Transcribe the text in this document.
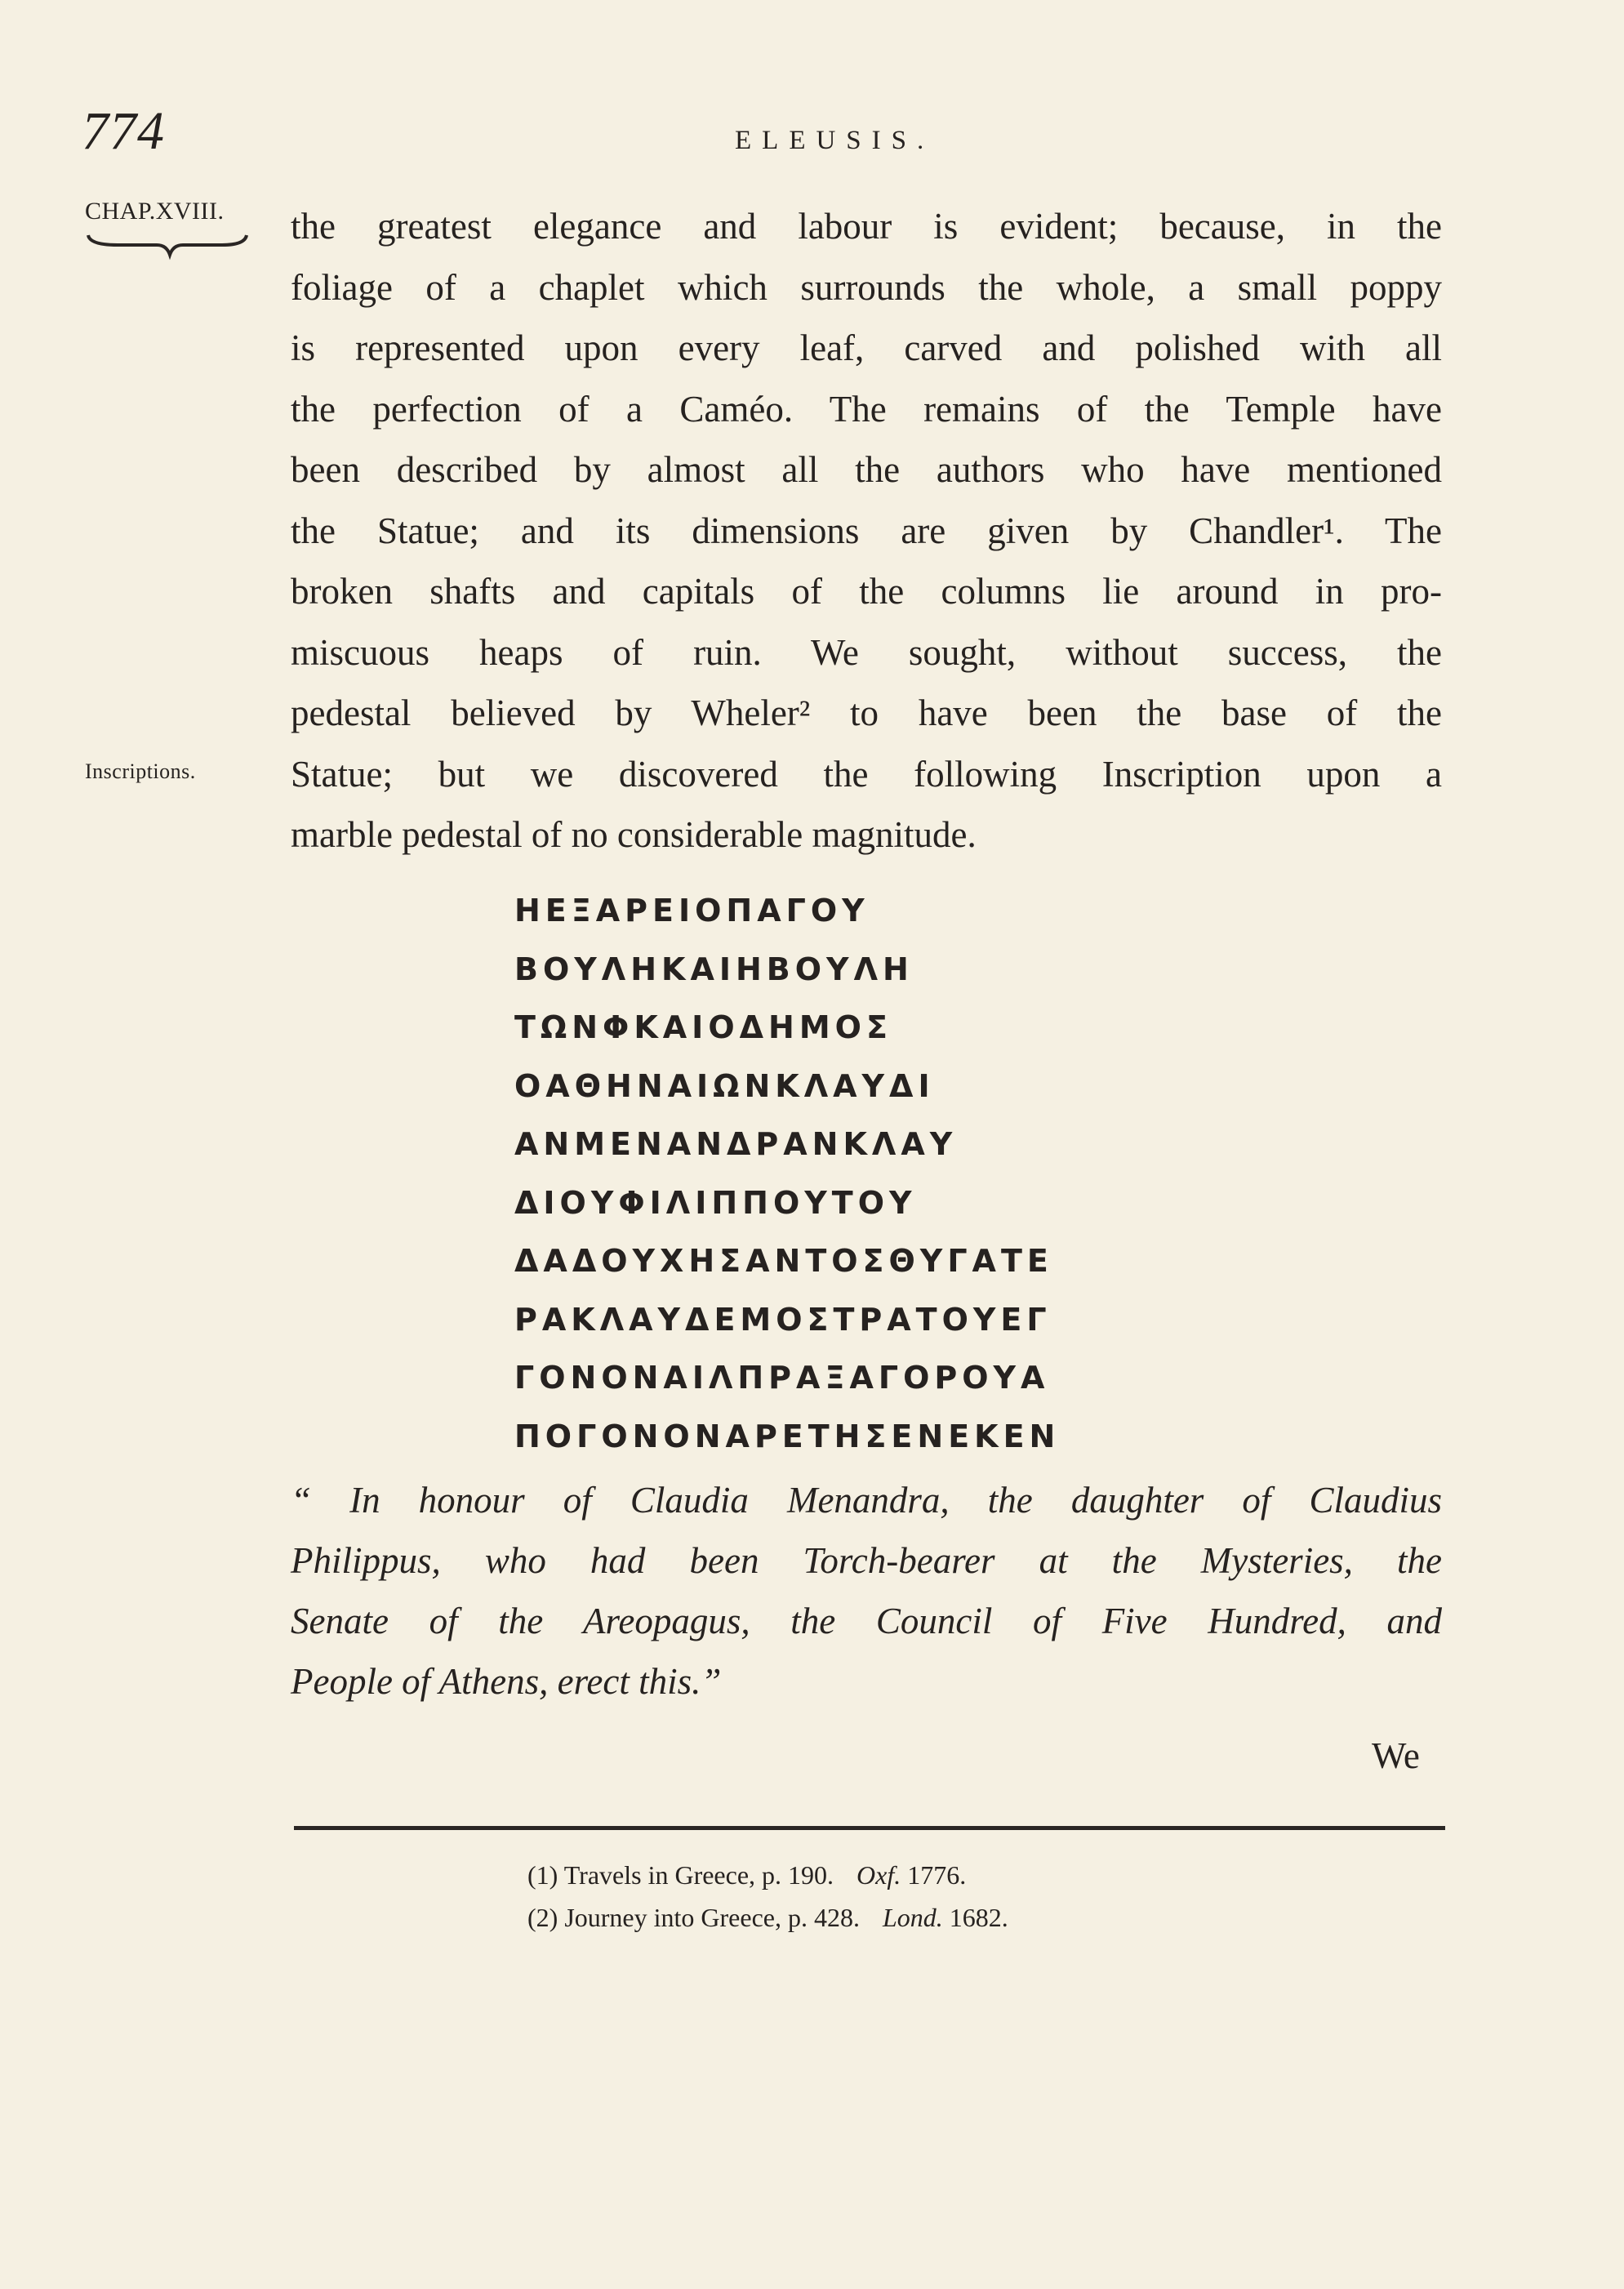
774	ELEUSIS.
CHAP.XVIII.
Inscriptions.
the greatest elegance and labour is evident; because, in the
foliage of a chaplet which surrounds the whole, a small poppy
is represented upon every leaf, carved and polished with all
the perfection of a Caméo. The remains of the Temple have
been described by almost all the authors who have mentioned
the Statue; and its dimensions are given by Chandler¹. The
broken shafts and capitals of the columns lie around in pro-
miscuous heaps of ruin. We sought, without success, the
pedestal believed by Wheler² to have been the base of the
Statue; but we discovered the following Inscription upon a
marble pedestal of no considerable magnitude.
ΗΕΞΑΡΕΙΟΠΑΓΟΥ
ΒΟΥΛΗΚΑΙΗΒΟΥΛΗ
ΤΩΝΦΚΑΙΟΔΗΜΟΣ
ΟΑΘΗΝΑΙΩΝΚΛΑΥΔΙ
ΑΝΜΕΝΑΝΔΡΑΝΚΛΑΥ
ΔΙΟΥΦΙΛΙΠΠΟΥΤΟΥ
ΔΑΔΟΥΧΗΣΑΝΤΟΣΘΥΓΑΤΕ
ΡΑΚΛΑΥΔΕΜΟΣΤΡΑΤΟΥΕΓ
ΓΟΝΟΝΑΙΛΠΡΑΞΑΓΟΡΟΥΑ
ΠΟΓΟΝΟΝΑΡΕΤΗΣΕΝΕΚΕΝ
“ In honour of Claudia Menandra, the daughter of Claudius
Philippus, who had been Torch-bearer at the Mysteries, the
Senate of the Areopagus, the Council of Five Hundred, and
People of Athens, erect this.”
We
(1) Travels in Greece, p. 190. Oxf. 1776.
(2) Journey into Greece, p. 428. Lond. 1682.
